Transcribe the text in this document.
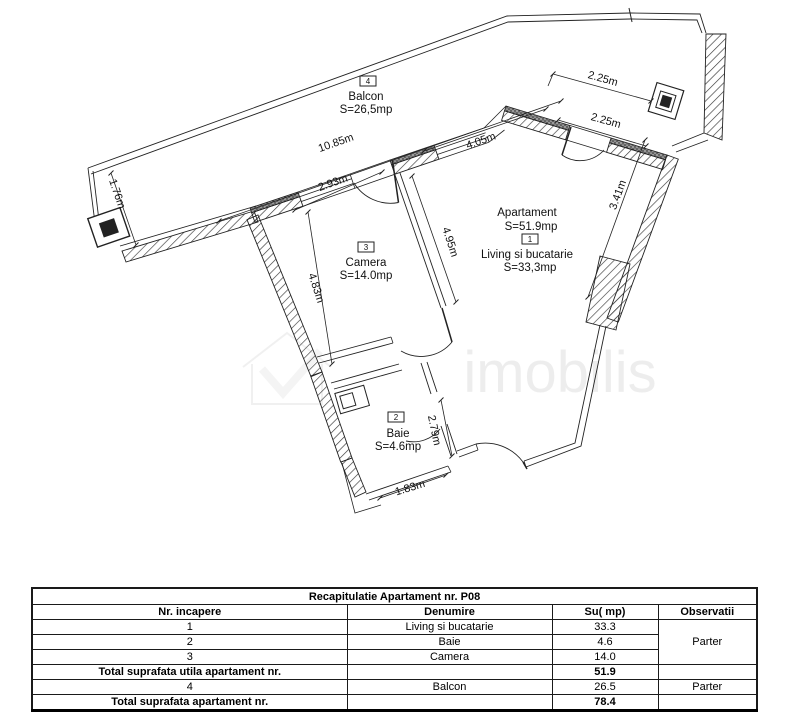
imobilis
10.85m
2.93m
4.05m
2.25m
2.25m
1.76m	3.41m
4.95m
4.83m
2.79m
1.83m
4
Balcon
S=26,5mp
3
Camera
S=14.0mp
Apartament
S=51.9mp
1
Living si bucatarie
S=33,3mp
2
Baie
S=4.6mp
Recapitulatie Apartament nr. P08			
Nr. incapere	Denumire	Su( mp)	Observatii
1	Living si bucatarie	33.3	Parter
2	Baie	4.6	
3	Camera	14.0	
Total suprafata utila apartament nr.		51.9	
4	Balcon	26.5	Parter
Total suprafata apartament nr.		78.4	
